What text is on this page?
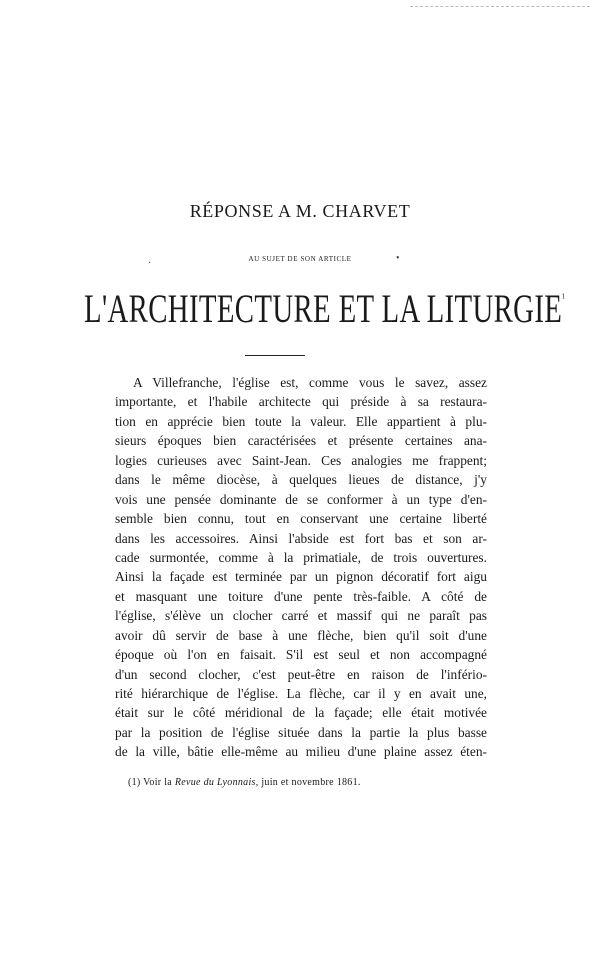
RÉPONSE A M. CHARVET
AU SUJET DE SON ARTICLE
·	•
L'ARCHITECTURE ET LA $LITURGIE^{^1}$
A Villefranche, l'église est, comme vous le savez, assez
importante, et l'habile architecte qui préside à sa restaura-
tion en apprécie bien toute la valeur. Elle appartient à plu-
sieurs époques bien caractérisées et présente certaines ana-
logies curieuses avec Saint-Jean. Ces analogies me frappent;
dans le même diocèse, à quelques lieues de distance, j'y
vois une pensée dominante de se conformer à un type d'en-
semble bien connu, tout en conservant une certaine liberté
dans les accessoires. Ainsi l'abside est fort bas et son ar-
cade surmontée, comme à la primatiale, de trois ouvertures.
Ainsi la façade est terminée par un pignon décoratif fort aigu
et masquant une toiture d'une pente très-faible. A côté de
l'église, s'élève un clocher carré et massif qui ne paraît pas
avoir dû servir de base à une flèche, bien qu'il soit d'une
époque où l'on en faisait. S'il est seul et non accompagné
d'un second clocher, c'est peut-être en raison de l'infério-
rité hiérarchique de l'église. La flèche, car il y en avait une,
était sur le côté méridional de la façade; elle était motivée
par la position de l'église située dans la partie la plus basse
de la ville, bâtie elle-même au milieu d'une plaine assez éten-
(1) Voir la Revue du Lyonnais, juin et novembre 1861.
